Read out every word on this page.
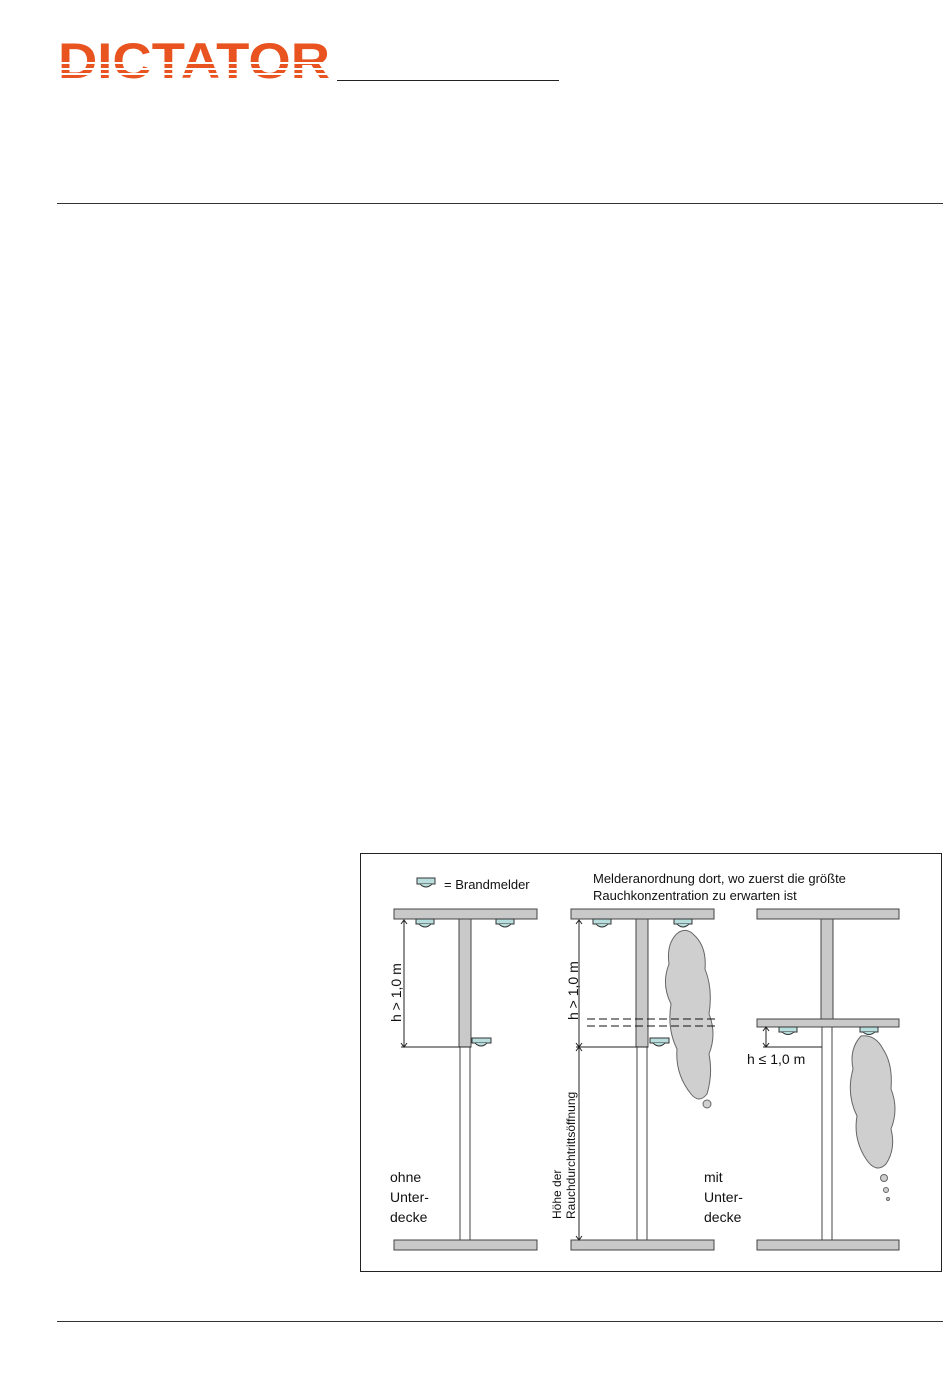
= Brandmelder	Melderanordnung dort, wo zuerst die größte
Rauchkonzentration zu erwarten ist
h > 1,0 m
ohne
Unter-
decke
h > 1,0 m
Höhe der Rauchdurchtrittsöffnung	mit
Unter-
decke
h ≤ 1,0 m
